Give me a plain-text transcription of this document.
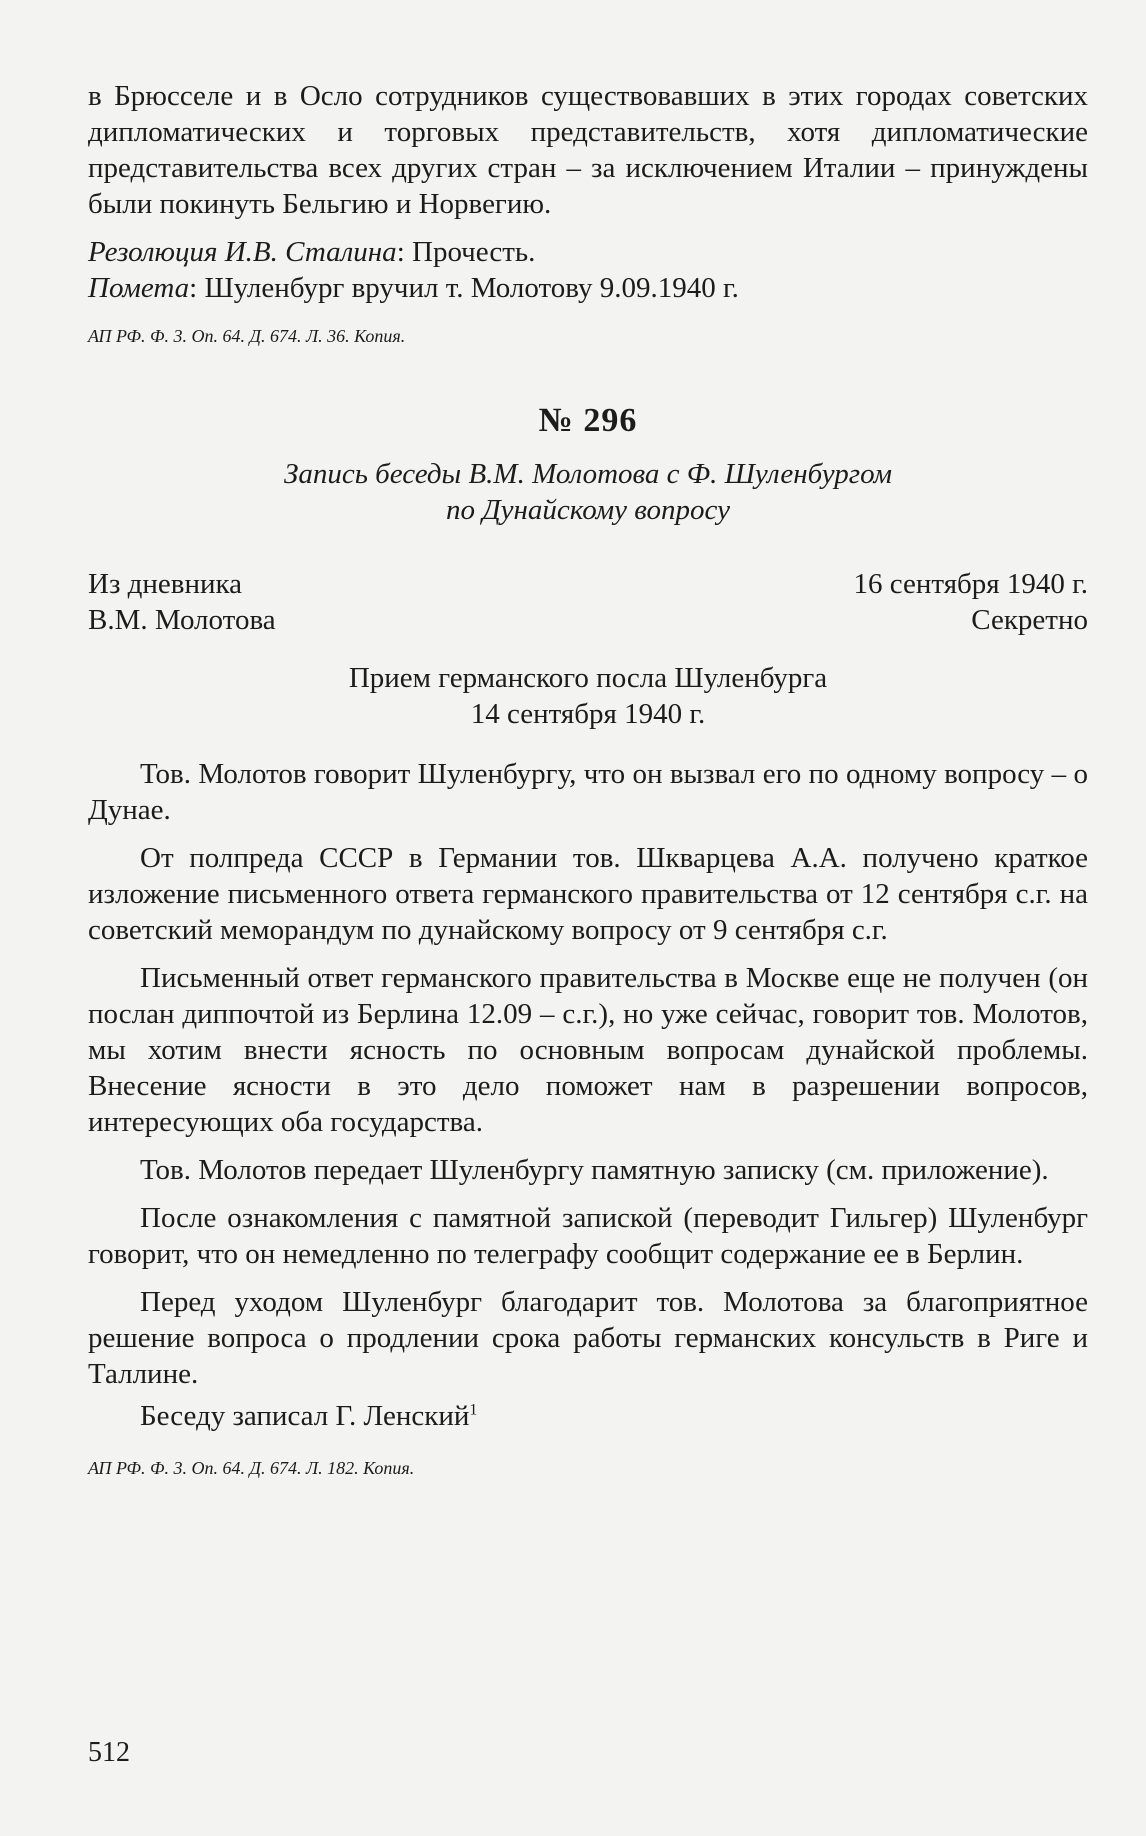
в Брюсселе и в Осло сотрудников существовавших в этих городах советских дипломатических и торговых представительств, хотя дипломатические представительства всех других стран – за исключением Италии – принуждены были покинуть Бельгию и Норвегию.

Резолюция И.В. Сталина: Прочесть.

Помета: Шуленбург вручил т. Молотову 9.09.1940 г.

АП РФ. Ф. 3. Оп. 64. Д. 674. Л. 36. Копия.

№ 296
Запись беседы В.М. Молотова с Ф. Шуленбургом
по Дунайскому вопросу
Из дневника	16 сентября 1940 г.
В.М. Молотова	Секретно
Прием германского посла Шуленбурга
14 сентября 1940 г.

Тов. Молотов говорит Шуленбургу, что он вызвал его по одному вопросу – о Дунае.

От полпреда СССР в Германии тов. Шкварцева А.А. получено краткое изложение письменного ответа германского правительства от 12 сентября с.г. на советский меморандум по дунайскому вопросу от 9 сентября с.г.

Письменный ответ германского правительства в Москве еще не получен (он послан диппочтой из Берлина 12.09 – с.г.), но уже сейчас, говорит тов. Молотов, мы хотим внести ясность по основным вопросам дунайской проблемы. Внесение ясности в это дело поможет нам в разрешении вопросов, интересующих оба государства.

Тов. Молотов передает Шуленбургу памятную записку (см. приложение).

После ознакомления с памятной запиской (переводит Гильгер) Шуленбург говорит, что он немедленно по телеграфу сообщит содержание ее в Берлин.

Перед уходом Шуленбург благодарит тов. Молотова за благоприятное решение вопроса о продлении срока работы германских консульств в Риге и Таллине.

Беседу записал Г. Ленский$^1$

АП РФ. Ф. 3. Оп. 64. Д. 674. Л. 182. Копия.

512
